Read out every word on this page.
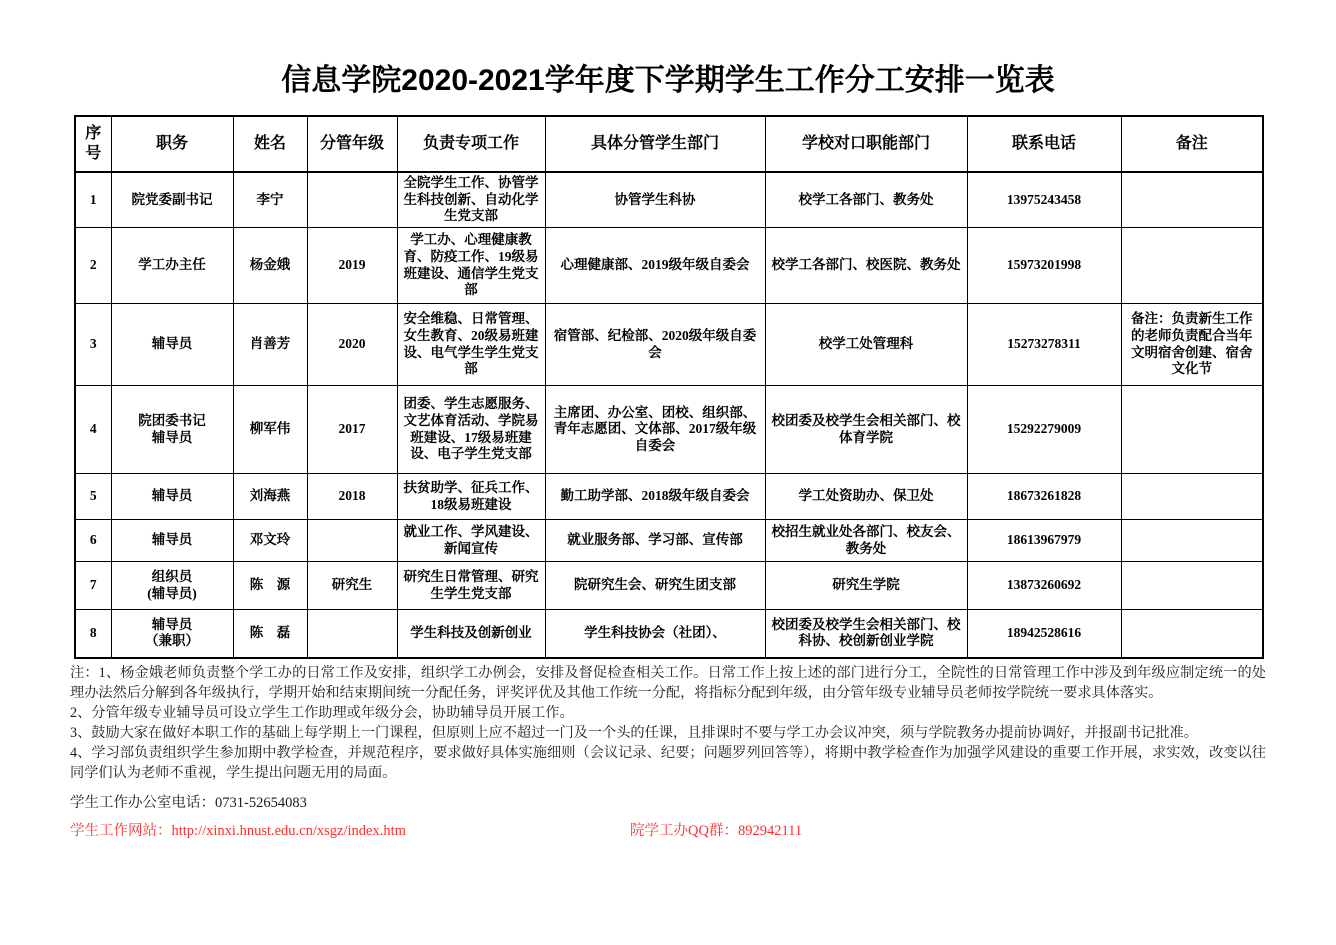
信息学院2020-2021学年度下学期学生工作分工安排一览表
序
号	职务	姓名	分管年级	负责专项工作	具体分管学生部门	学校对口职能部门	联系电话	备注
1	院党委副书记	李宁		全院学生工作、协管学生科技创新、自动化学生党支部	协管学生科协	校学工各部门、教务处	13975243458	
2	学工办主任	杨金娥	2019	学工办、心理健康教育、防疫工作、19级易班建设、通信学生党支部	心理健康部、2019级年级自委会	校学工各部门、校医院、教务处	15973201998	
3	辅导员	肖善芳	2020	安全维稳、日常管理、女生教育、20级易班建设、电气学生学生党支部	宿管部、纪检部、2020级年级自委会	校学工处管理科	15273278311	备注：负责新生工作的老师负责配合当年文明宿舍创建、宿舍文化节
4	院团委书记
辅导员	柳军伟	2017	团委、学生志愿服务、文艺体育活动、学院易班建设、17级易班建设、电子学生党支部	主席团、办公室、团校、组织部、青年志愿团、文体部、2017级年级自委会	校团委及校学生会相关部门、校体育学院	15292279009	
5	辅导员	刘海燕	2018	扶贫助学、征兵工作、18级易班建设	勤工助学部、2018级年级自委会	学工处资助办、保卫处	18673261828	
6	辅导员	邓文玲		就业工作、学风建设、新闻宣传	就业服务部、学习部、宣传部	校招生就业处各部门、校友会、教务处	18613967979	
7	组织员
(辅导员)	陈　源	研究生	研究生日常管理、研究生学生党支部	院研究生会、研究生团支部	研究生学院	13873260692	
8	辅导员
（兼职）	陈　磊		学生科技及创新创业	学生科技协会（社团）、	校团委及校学生会相关部门、校科协、校创新创业学院	18942528616	

注：1、杨金娥老师负责整个学工办的日常工作及安排，组织学工办例会，安排及督促检查相关工作。日常工作上按上述的部门进行分工，全院性的日常管理工作中涉及到年级应制定统一的处理办法然后分解到各年级执行，学期开始和结束期间统一分配任务，评奖评优及其他工作统一分配，将指标分配到年级，由分管年级专业辅导员老师按学院统一要求具体落实。

2、分管年级专业辅导员可设立学生工作助理或年级分会，协助辅导员开展工作。

3、鼓励大家在做好本职工作的基础上每学期上一门课程，但原则上应不超过一门及一个头的任课，且排课时不要与学工办会议冲突，须与学院教务办提前协调好，并报副书记批准。

4、学习部负责组织学生参加期中教学检查，并规范程序，要求做好具体实施细则（会议记录、纪要；问题罗列回答等），将期中教学检查作为加强学风建设的重要工作开展，求实效，改变以往同学们认为老师不重视，学生提出问题无用的局面。

学生工作办公室电话：0731-52654083
学生工作网站：http://xinxi.hnust.edu.cn/xsgz/index.htm	院学工办QQ群：892942111
